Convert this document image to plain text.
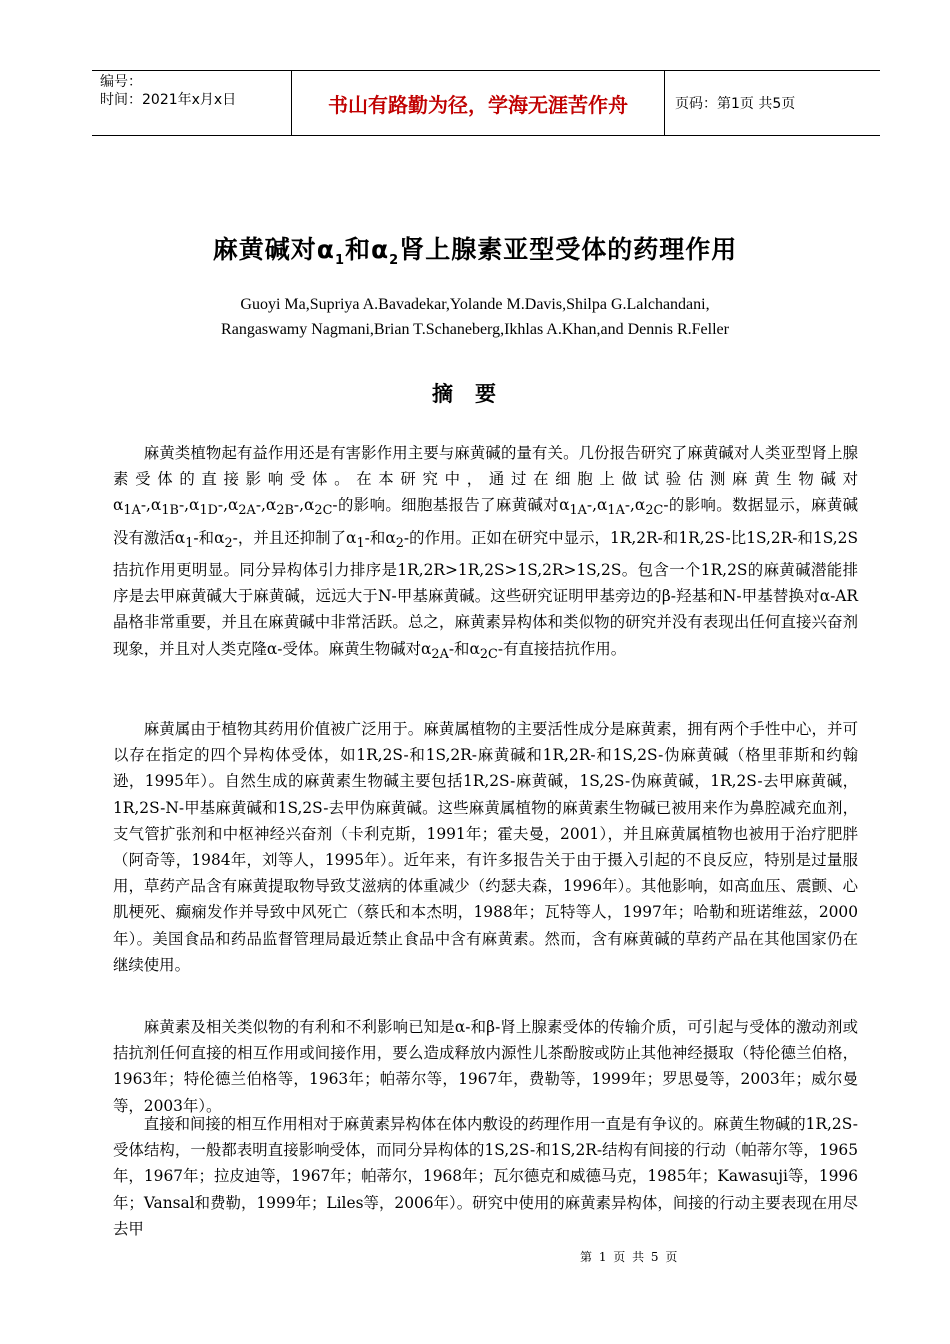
编号：
时间：2021年x月x日	书山有路勤为径，学海无涯苦作舟	页码：第1页 共5页
麻黄碱对$\alpha_1$和$\alpha_2$肾上腺素亚型受体的药理作用
Guoyi Ma,Supriya A.Bavadekar,Yolande M.Davis,Shilpa G.Lalchandani,
Rangaswamy Nagmani,Brian T.Schaneberg,Ikhlas A.Khan,and Dennis R.Feller
摘要
麻黄类植物起有益作用还是有害影作用主要与麻黄碱的量有关。几份报告研究了麻黄碱对人类亚型肾上腺素受体的直接影响受体。在本研究中，通过在细胞上做试验估测麻黄生物碱对$\alpha_{1A}-,\alpha_{1B}-,\alpha_{1D}-,\alpha_{2A}-,\alpha_{2B}-,\alpha_{2C}-$的影响。细胞基报告了麻黄碱对$\alpha_{1A}-,\alpha_{1A}-,\alpha_{2C}-$的影响。数据显示，麻黄碱没有激活$\alpha_1-$和$\alpha_2-$，并且还抑制了$\alpha_1-$和$\alpha_2-$的作用。正如在研究中显示，1R,2R-和1R,2S-比1S,2R-和1S,2S拮抗作用更明显。同分异构体引力排序是1R,2R>1R,2S>1S,2R>1S,2S。包含一个1R,2S的麻黄碱潜能排序是去甲麻黄碱大于麻黄碱，远远大于N-甲基麻黄碱。这些研究证明甲基旁边的β-羟基和N-甲基替换对α-AR晶格非常重要，并且在麻黄碱中非常活跃。总之，麻黄素异构体和类似物的研究并没有表现出任何直接兴奋剂现象，并且对人类克隆α-受体。麻黄生物碱对$\alpha_{2A}-$和$\alpha_{2C}-$有直接拮抗作用。
麻黄属由于植物其药用价值被广泛用于。麻黄属植物的主要活性成分是麻黄素，拥有两个手性中心，并可以存在指定的四个异构体受体，如1R,2S-和1S,2R-麻黄碱和1R,2R-和1S,2S-伪麻黄碱（格里菲斯和约翰逊，1995年）。自然生成的麻黄素生物碱主要包括1R,2S-麻黄碱，1S,2S-伪麻黄碱，1R,2S-去甲麻黄碱，1R,2S-N-甲基麻黄碱和1S,2S-去甲伪麻黄碱。这些麻黄属植物的麻黄素生物碱已被用来作为鼻腔减充血剂，支气管扩张剂和中枢神经兴奋剂（卡利克斯，1991年；霍夫曼，2001），并且麻黄属植物也被用于治疗肥胖（阿奇等，1984年，刘等人，1995年）。近年来，有许多报告关于由于摄入引起的不良反应，特别是过量服用，草药产品含有麻黄提取物导致艾滋病的体重减少（约瑟夫森，1996年）。其他影响，如高血压、震颤、心肌梗死、癫痫发作并导致中风死亡（蔡氏和本杰明，1988年；瓦特等人，1997年；哈勒和班诺维兹，2000年）。美国食品和药品监督管理局最近禁止食品中含有麻黄素。然而，含有麻黄碱的草药产品在其他国家仍在继续使用。
麻黄素及相关类似物的有利和不利影响已知是α-和β-肾上腺素受体的传输介质，可引起与受体的激动剂或拮抗剂任何直接的相互作用或间接作用，要么造成释放内源性儿茶酚胺或防止其他神经摄取（特伦德兰伯格，1963年；特伦德兰伯格等，1963年；帕蒂尔等，1967年，费勒等，1999年；罗思曼等，2003年；威尔曼等，2003年）。
直接和间接的相互作用相对于麻黄素异构体在体内敷设的药理作用一直是有争议的。麻黄生物碱的1R,2S-受体结构，一般都表明直接影响受体，而同分异构体的1S,2S-和1S,2R-结构有间接的行动（帕蒂尔等，1965年，1967年；拉皮迪等，1967年；帕蒂尔，1968年；瓦尔德克和威德马克，1985年；Kawasuji等，1996年；Vansal和费勒，1999年；Liles等，2006年）。研究中使用的麻黄素异构体，间接的行动主要表现在用尽去甲
第 1 页 共 5 页
